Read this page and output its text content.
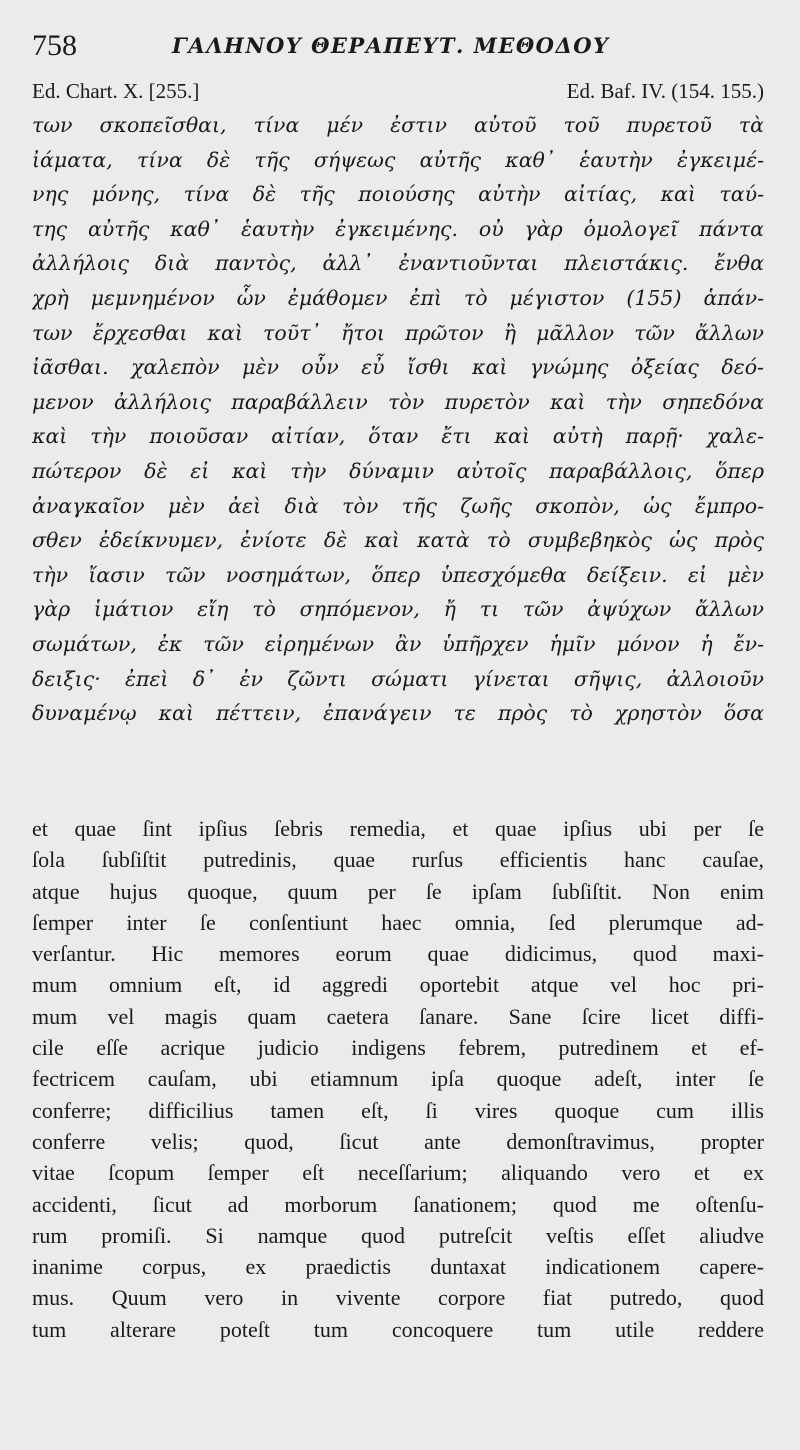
758	ΓΑΛΗΝΟΥ ΘΕΡΑΠΕΥΤ. ΜΕΘΟΔΟΥ
Ed. Chart. X. [255.]	Ed. Baf. IV. (154. 155.)
των σκοπεῖσθαι, τίνα μέν ἐστιν αὐτοῦ τοῦ πυρετοῦ τὰ
ἰάματα, τίνα δὲ τῆς σήψεως αὐτῆς καθ᾽ ἑαυτὴν ἐγκειμέ-
νης μόνης, τίνα δὲ τῆς ποιούσης αὐτὴν αἰτίας, καὶ ταύ-
της αὐτῆς καθ᾽ ἑαυτὴν ἐγκειμένης. οὐ γὰρ ὁμολογεῖ πάντα
ἀλλήλοις διὰ παντὸς, ἀλλ᾽ ἐναντιοῦνται πλειστάκις. ἔνθα
χρὴ μεμνημένον ὧν ἐμάθομεν ἐπὶ τὸ μέγιστον (155) ἁπάν-
των ἔρχεσθαι καὶ τοῦτ᾽ ἤτοι πρῶτον ἢ μᾶλλον τῶν ἄλλων
ἰᾶσθαι. χαλεπὸν μὲν οὖν εὖ ἴσθι καὶ γνώμης ὀξείας δεό-
μενον ἀλλήλοις παραβάλλειν τὸν πυρετὸν καὶ τὴν σηπεδόνα
καὶ τὴν ποιοῦσαν αἰτίαν, ὅταν ἔτι καὶ αὐτὴ παρῇ· χαλε-
πώτερον δὲ εἰ καὶ τὴν δύναμιν αὐτοῖς παραβάλλοις, ὅπερ
ἀναγκαῖον μὲν ἀεὶ διὰ τὸν τῆς ζωῆς σκοπὸν, ὡς ἔμπρο-
σθεν ἐδείκνυμεν, ἐνίοτε δὲ καὶ κατὰ τὸ συμβεβηκὸς ὡς πρὸς
τὴν ἴασιν τῶν νοσημάτων, ὅπερ ὑπεσχόμεθα δείξειν. εἰ μὲν
γὰρ ἱμάτιον εἴη τὸ σηπόμενον, ἤ τι τῶν ἀψύχων ἄλλων
σωμάτων, ἐκ τῶν εἰρημένων ἂν ὑπῆρχεν ἡμῖν μόνον ἡ ἔν-
δειξις· ἐπεὶ δ᾽ ἐν ζῶντι σώματι γίνεται σῆψις, ἀλλοιοῦν
δυναμένῳ καὶ πέττειν, ἐπανάγειν τε πρὸς τὸ χρηστὸν ὅσα
et quae ſint ipſius ſebris remedia, et quae ipſius ubi per ſe
ſola ſubſiſtit putredinis, quae rurſus efficientis hanc cauſae,
atque hujus quoque, quum per ſe ipſam ſubſiſtit. Non enim
ſemper inter ſe conſentiunt haec omnia, ſed plerumque ad-
verſantur. Hic memores eorum quae didicimus, quod maxi-
mum omnium eſt, id aggredi oportebit atque vel hoc pri-
mum vel magis quam caetera ſanare. Sane ſcire licet diffi-
cile eſſe acrique judicio indigens febrem, putredinem et ef-
fectricem cauſam, ubi etiamnum ipſa quoque adeſt, inter ſe
conferre; difficilius tamen eſt, ſi vires quoque cum illis
conferre velis; quod, ſicut ante demonſtravimus, propter
vitae ſcopum ſemper eſt neceſſarium; aliquando vero et ex
accidenti, ſicut ad morborum ſanationem; quod me oſtenſu-
rum promiſi. Si namque quod putreſcit veſtis eſſet aliudve
inanime corpus, ex praedictis duntaxat indicationem capere-
mus. Quum vero in vivente corpore fiat putredo, quod
tum alterare poteſt tum concoquere tum utile reddere
